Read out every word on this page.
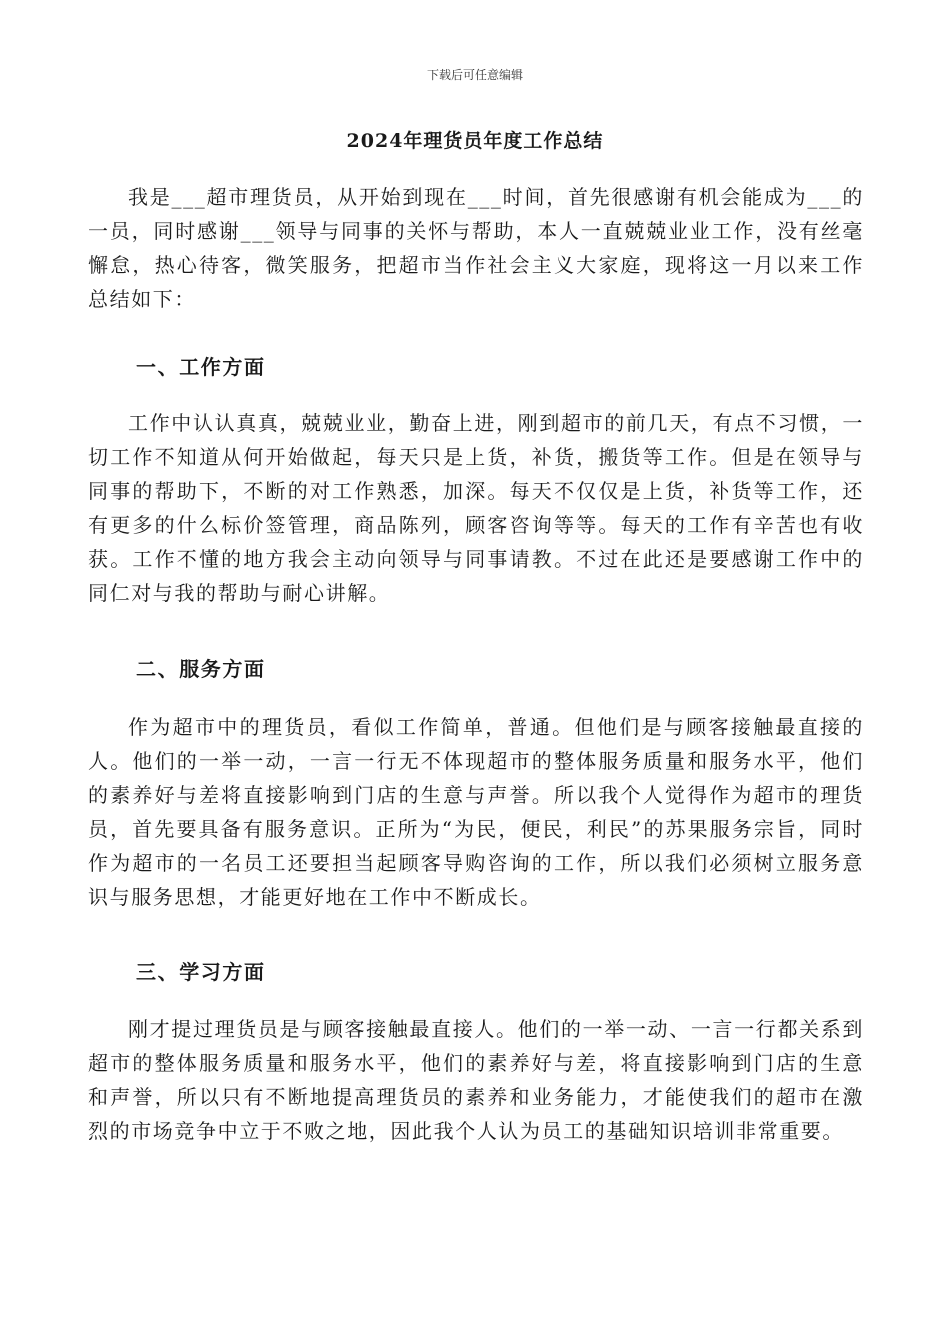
下载后可任意编辑
2024年理货员年度工作总结

我是___超市理货员，从开始到现在___时间，首先很感谢有机会能成为___的一员，同时感谢___领导与同事的关怀与帮助，本人一直兢兢业业工作，没有丝毫懈怠，热心待客，微笑服务，把超市当作社会主义大家庭，现将这一月以来工作总结如下：

一、工作方面

工作中认认真真，兢兢业业，勤奋上进，刚到超市的前几天，有点不习惯，一切工作不知道从何开始做起，每天只是上货，补货，搬货等工作。但是在领导与同事的帮助下，不断的对工作熟悉，加深。每天不仅仅是上货，补货等工作，还有更多的什么标价签管理，商品陈列，顾客咨询等等。每天的工作有辛苦也有收获。工作不懂的地方我会主动向领导与同事请教。不过在此还是要感谢工作中的同仁对与我的帮助与耐心讲解。

二、服务方面

作为超市中的理货员，看似工作简单，普通。但他们是与顾客接触最直接的人。他们的一举一动，一言一行无不体现超市的整体服务质量和服务水平，他们的素养好与差将直接影响到门店的生意与声誉。所以我个人觉得作为超市的理货员，首先要具备有服务意识。正所为“为民，便民，利民”的苏果服务宗旨，同时作为超市的一名员工还要担当起顾客导购咨询的工作，所以我们必须树立服务意识与服务思想，才能更好地在工作中不断成长。

三、学习方面

刚才提过理货员是与顾客接触最直接人。他们的一举一动、一言一行都关系到超市的整体服务质量和服务水平，他们的素养好与差，将直接影响到门店的生意和声誉，所以只有不断地提高理货员的素养和业务能力，才能使我们的超市在激烈的市场竞争中立于不败之地，因此我个人认为员工的基础知识培训非常重要。
